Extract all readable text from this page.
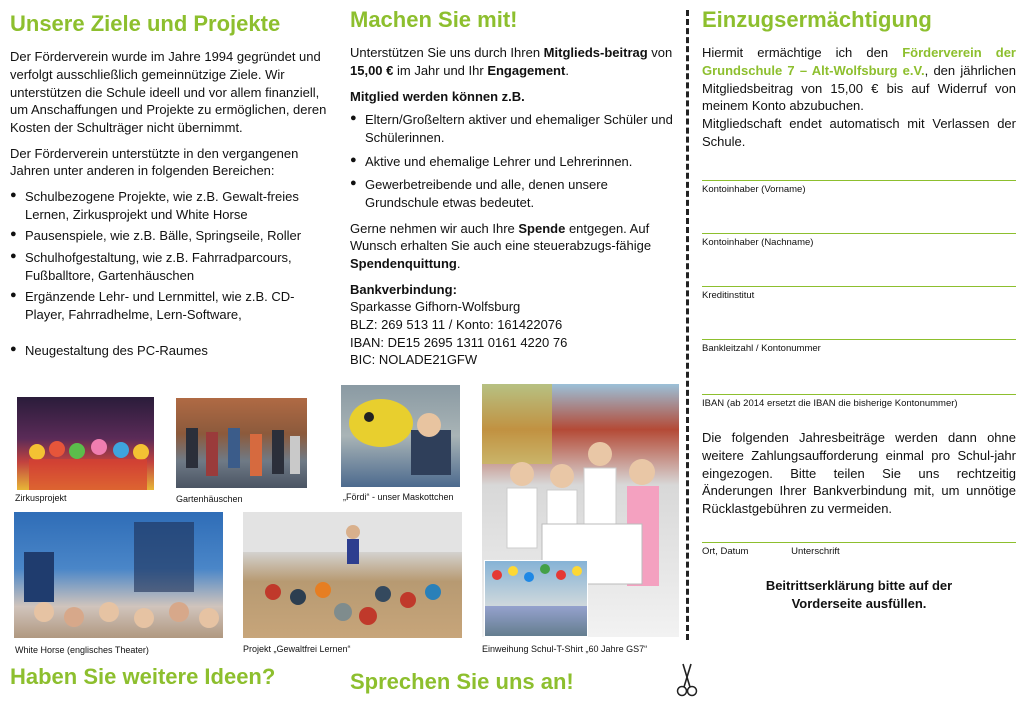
Unsere Ziele und Projekte

Der Förderverein wurde im Jahre 1994 gegründet und verfolgt ausschließlich gemeinnützige Ziele. Wir unterstützen die Schule ideell und vor allem finanziell, um Anschaffungen und Projekte zu ermöglichen, deren Kosten der Schulträger nicht übernimmt.

Der Förderverein unterstützte in den vergangenen Jahren unter anderen in folgenden Bereichen:

● Schulbezogene Projekte, wie z.B. Gewalt-freies Lernen, Zirkusprojekt und White Horse
● Pausenspiele, wie z.B. Bälle, Springseile, Roller
● Schulhofgestaltung, wie z.B. Fahrradparcours, Fußballtore, Gartenhäuschen
● Ergänzende Lehr- und Lernmittel, wie z.B. CD-Player, Fahrradhelme, Lern-Software,
● Neugestaltung des PC-Raumes
Machen Sie mit!

Unterstützen Sie uns durch Ihren Mitglieds-beitrag von 15,00 € im Jahr und Ihr Engagement.

Mitglied werden können z.B.

● Eltern/Großeltern aktiver und ehemaliger Schüler und Schülerinnen.
● Aktive und ehemalige Lehrer und Lehrerinnen.
● Gewerbetreibende und alle, denen unsere Grundschule etwas bedeutet.

Gerne nehmen wir auch Ihre Spende entgegen. Auf Wunsch erhalten Sie auch eine steuerabzugs-fähige Spendenquittung.

Bankverbindung:

Sparkasse Gifhorn-Wolfsburg

BLZ: 269 513 11 / Konto: 161422076

IBAN: DE15 2695 1311 0161 4220 76

BIC: NOLADE21GFW

Zirkusprojekt	Gartenhäuschen	„Fördi“ - unser Maskottchen
Einweihung Schul-T-Shirt „60 Jahre GS7“
White Horse (englisches Theater)	Projekt „Gewaltfrei Lernen“
Haben Sie weitere Ideen?	Sprechen Sie uns an!
Einzugsermächtigung

Hiermit ermächtige ich den Förderverein der Grundschule 7 – Alt-Wolfsburg e.V., den jährlichen Mitgliedsbeitrag von 15,00 € bis auf Widerruf von meinem Konto abzubuchen.

Mitgliedschaft endet automatisch mit Verlassen der Schule.

Kontoinhaber (Vorname)
Kontoinhaber (Nachname)
Kreditinstitut
Bankleitzahl / Kontonummer
IBAN (ab 2014 ersetzt die IBAN die bisherige Kontonummer)

Die folgenden Jahresbeiträge werden dann ohne weitere Zahlungsaufforderung einmal pro Schul-jahr eingezogen. Bitte teilen Sie uns rechtzeitig Änderungen Ihrer Bankverbindung mit, um unnötige Rücklastgebühren zu vermeiden.

Ort, Datum	Unterschrift
Beitrittserklärung bitte auf der
Vorderseite ausfüllen.
